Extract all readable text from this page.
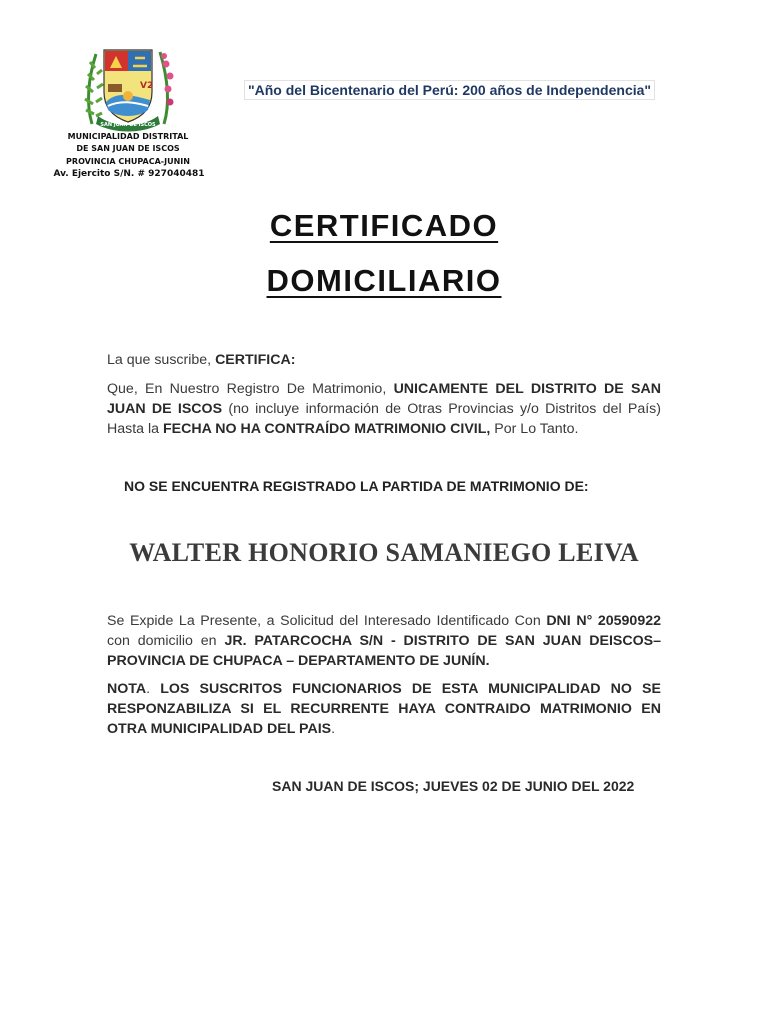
V2
SAN JUAN DE ISCOS
MUNICIPALIDAD DISTRITAL
DE SAN JUAN DE ISCOS
PROVINCIA CHUPACA-JUNIN
Av. Ejercito S/N. # 927040481
"Año del Bicentenario del Perú: 200 años de Independencia"
CERTIFICADO
DOMICILIARIO
La que suscribe, CERTIFICA:
Que, En Nuestro Registro De Matrimonio, UNICAMENTE DEL DISTRITO DE SAN JUAN DE ISCOS (no incluye información de Otras Provincias y/o Distritos del País) Hasta la FECHA NO HA CONTRAÍDO MATRIMONIO CIVIL, Por Lo Tanto.
NO SE ENCUENTRA REGISTRADO LA PARTIDA DE MATRIMONIO DE:
WALTER HONORIO SAMANIEGO LEIVA
Se Expide La Presente, a Solicitud del Interesado Identificado Con DNI N° 20590922 con domicilio en JR. PATARCOCHA S/N - DISTRITO DE SAN JUAN DEISCOS– PROVINCIA DE CHUPACA – DEPARTAMENTO DE JUNÍN.
NOTA. LOS SUSCRITOS FUNCIONARIOS DE ESTA MUNICIPALIDAD NO SE RESPONZABILIZA SI EL RECURRENTE HAYA CONTRAIDO MATRIMONIO EN OTRA MUNICIPALIDAD DEL PAIS.
SAN JUAN DE ISCOS; JUEVES 02 DE JUNIO DEL 2022
